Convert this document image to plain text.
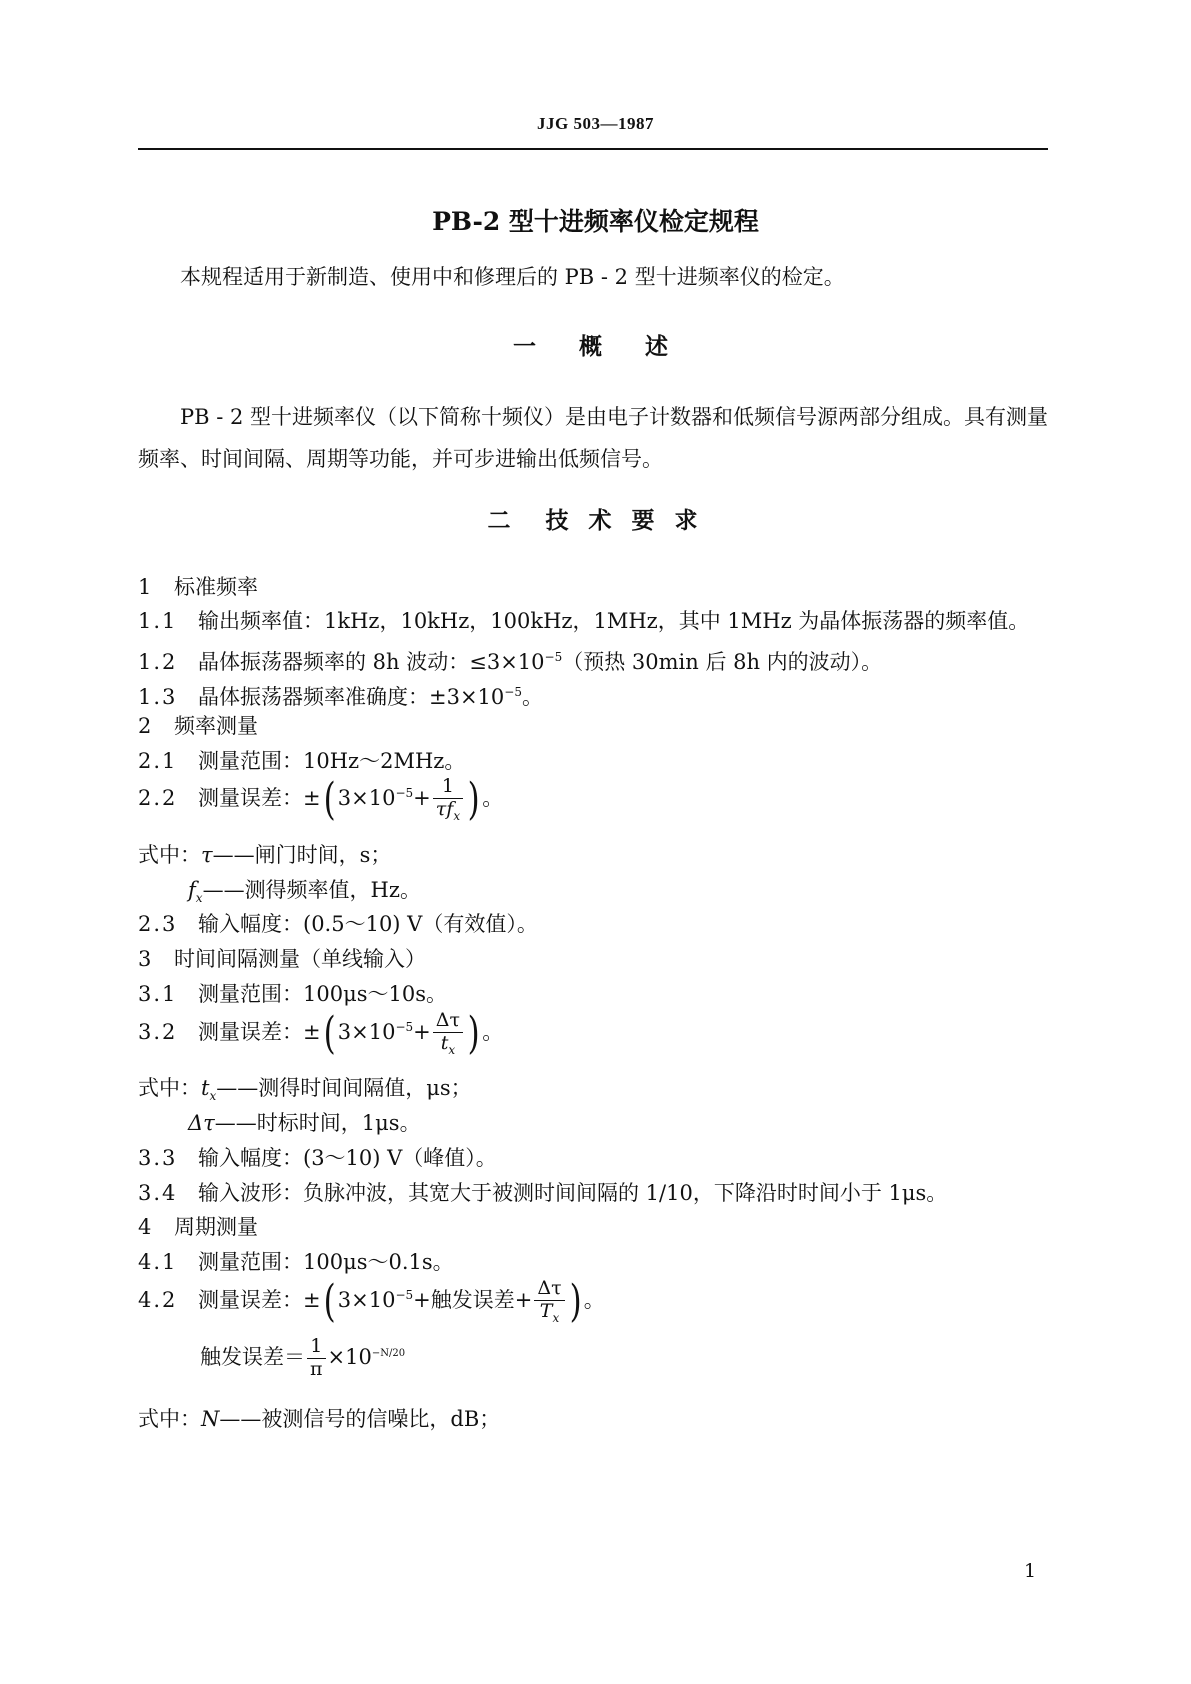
JJG 503—1987
PB-2 型十进频率仪检定规程
本规程适用于新制造、使用中和修理后的 PB - 2 型十进频率仪的检定。
一　概　述
PB - 2 型十进频率仪（以下简称十频仪）是由电子计数器和低频信号源两部分组成。具有测量频率、时间间隔、周期等功能，并可步进输出低频信号。
二　技 术 要 求
1 标准频率
1.1 输出频率值：1kHz，10kHz，100kHz，1MHz，其中 1MHz 为晶体振荡器的频率值。
1.2 晶体振荡器频率的 8h 波动：$\le 3\times 10^{-5}$（预热 30min 后 8h 内的波动）。
1.3 晶体振荡器频率准确度：$\pm 3\times 10^{-5}$。
2 频率测量
2.1 测量范围：10Hz～2MHz。
2.2 测量误差：±( $3\times 10^{-5}+ \frac{1}{\tau f_x}$ ) 。
式中：τ——闸门时间，s；
$f_x——$测得频率值，Hz。
2.3 输入幅度：(0.5～10) V（有效值）。
3 时间间隔测量（单线输入）
3.1 测量范围：100μs～10s。
3.2 测量误差：±( $3\times 10^{-5}+ \frac{\Delta\tau}{t_x}$ ) 。
式中：$t_x——$测得时间间隔值，μs；
Δτ——时标时间，1μs。
3.3 输入幅度：(3～10) V（峰值）。
3.4 输入波形：负脉冲波，其宽大于被测时间间隔的 1/10，下降沿时时间小于 1μs。
4 周期测量
4.1 测量范围：100μs～0.1s。
4.2 测量误差：±( $3\times 10^{-5}+$触发误差+ $\frac{\Delta\tau}{T_x}$ ) 。
触发误差＝ $\frac{1}{\pi} \times 10^{-N/20}$
式中：N——被测信号的信噪比，dB；
1
